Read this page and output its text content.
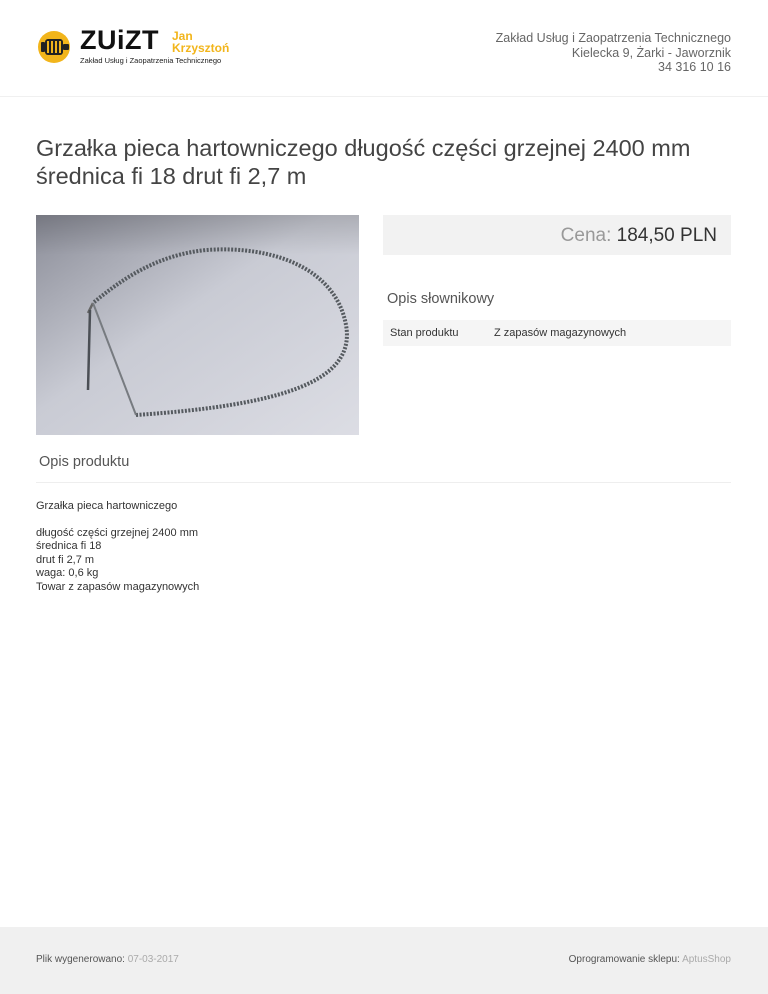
ZUiZT Jan
Krzysztoń
Zakład Usług i Zaopatrzenia Technicznego
Zakład Usług i Zaopatrzenia Technicznego
Kielecka 9, Żarki - Jaworznik
34 316 10 16
Grzałka pieca hartowniczego długość części grzejnej 2400 mm średnica fi 18 drut fi 2,7 m
Cena: 184,50 PLN
Opis słownikowy
Stan produktu	Z zapasów magazynowych
Opis produktu

Grzałka pieca hartowniczego

długość części grzejnej 2400 mm

średnica fi 18

drut fi 2,7 m

waga: 0,6 kg

Towar z zapasów magazynowych

Plik wygenerowano: 07-03-2017	Oprogramowanie sklepu: AptusShop
